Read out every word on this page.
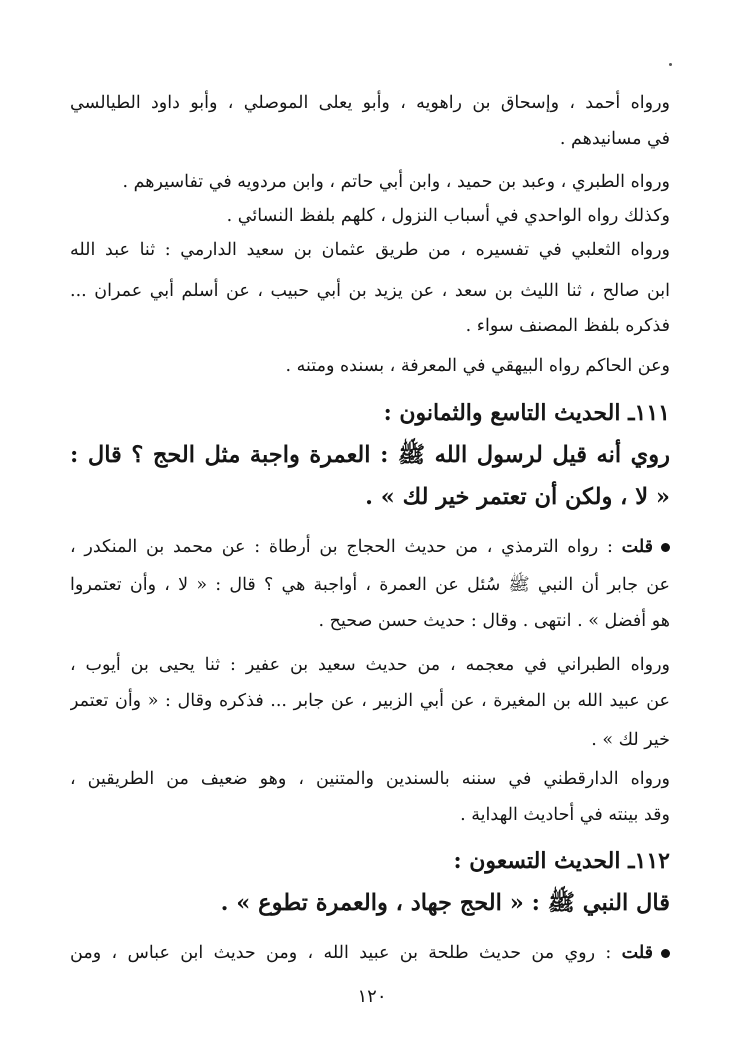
ورواه أحمد ، وإسحاق بن راهويه ، وأبو يعلى الموصلي ، وأبو داود الطيالسي
في مسانيدهم .
ورواه الطبري ، وعبد بن حميد ، وابن أبي حاتم ، وابن مردويه في تفاسيرهم .
وكذلك رواه الواحدي في أسباب النزول ، كلهم بلفظ النسائي .
ورواه الثعلبي في تفسيره ، من طريق عثمان بن سعيد الدارمي : ثنا عبد الله
ابن صالح ، ثنا الليث بن سعد ، عن يزيد بن أبي حبيب ، عن أسلم أبي عمران ...
فذكره بلفظ المصنف سواء .
وعن الحاكم رواه البيهقي في المعرفة ، بسنده ومتنه .
١١١ـ الحديث التاسع والثمانون :
روي أنه قيل لرسول الله ﷺ : العمرة واجبة مثل الحج ؟ قال :
« لا ، ولكن أن تعتمر خير لك » .
قلت : رواه الترمذي ، من حديث الحجاج بن أرطاة : عن محمد بن المنكدر ،
عن جابر أن النبي ﷺ سُئل عن العمرة ، أواجبة هي ؟ قال : « لا ، وأن تعتمروا
هو أفضل » . انتهى . وقال : حديث حسن صحيح .
ورواه الطبراني في معجمه ، من حديث سعيد بن عفير : ثنا يحيى بن أيوب ،
عن عبيد الله بن المغيرة ، عن أبي الزبير ، عن جابر ... فذكره وقال : « وأن تعتمر
خير لك » .
ورواه الدارقطني في سننه بالسندين والمتنين ، وهو ضعيف من الطريقين ،
وقد بينته في أحاديث الهداية .
١١٢ـ الحديث التسعون :
قال النبي ﷺ : « الحج جهاد ، والعمرة تطوع » .
قلت : روي من حديث طلحة بن عبيد الله ، ومن حديث ابن عباس ، ومن
١٢٠
